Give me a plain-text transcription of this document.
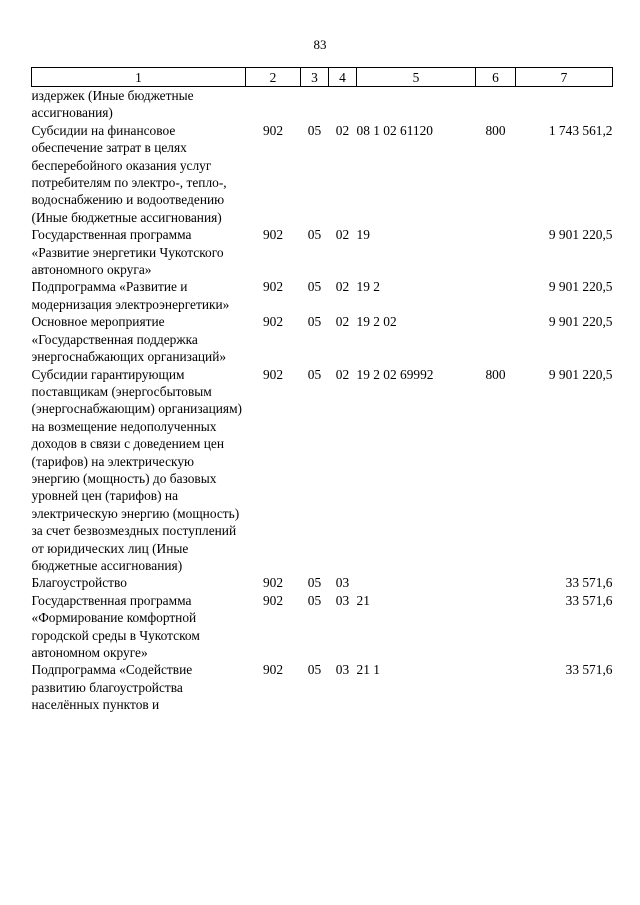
83
1	2	3	4	5	6	7
издержек (Иные бюджетные ассигнования)						
Субсидии на финансовое обеспечение затрат в целях бесперебойного оказания услуг потребителям по электро-, тепло-, водоснабжению и водоотведению (Иные бюджетные ассигнования)	902	05	02	08 1 02 61120	800	1 743 561,2
Государственная программа «Развитие энергетики Чукотского автономного округа»	902	05	02	19		9 901 220,5
Подпрограмма «Развитие и модернизация электроэнергетики»	902	05	02	19 2		9 901 220,5
Основное мероприятие «Государственная поддержка энергоснабжающих организаций»	902	05	02	19 2 02		9 901 220,5
Субсидии гарантирующим поставщикам (энергосбытовым (энергоснабжающим) организациям) на возмещение недополученных доходов в связи с доведением цен (тарифов) на электрическую энергию (мощность) до базовых уровней цен (тарифов) на электрическую энергию (мощность) за счет безвозмездных поступлений от юридических лиц (Иные бюджетные ассигнования)	902	05	02	19 2 02 69992	800	9 901 220,5
Благоустройство	902	05	03			33 571,6
Государственная программа «Формирование комфортной городской среды в Чукотском автономном округе»	902	05	03	21		33 571,6
Подпрограмма «Содействие развитию благоустройства населённых пунктов и	902	05	03	21 1		33 571,6
